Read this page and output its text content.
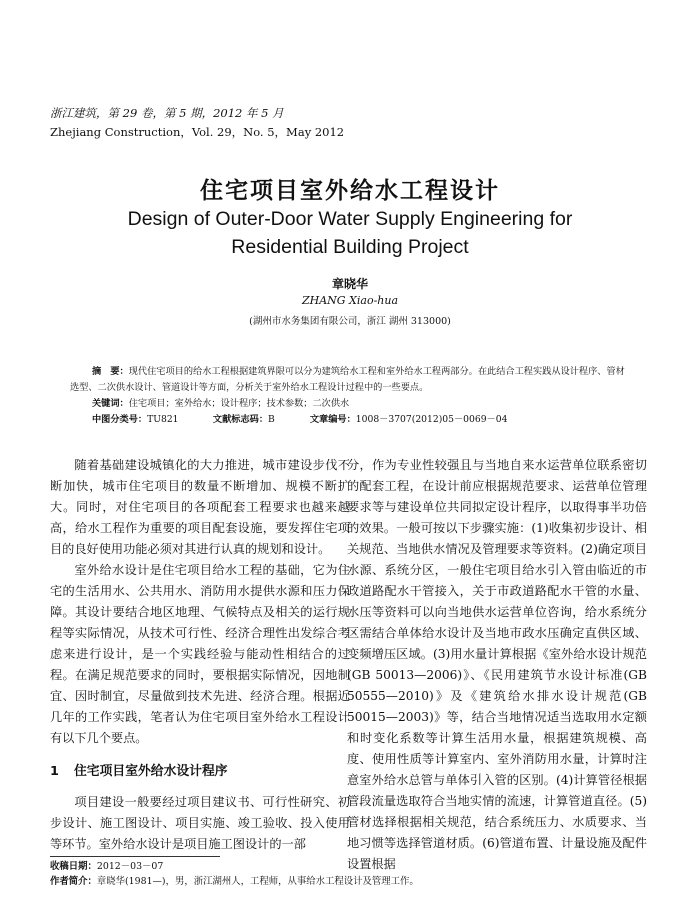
浙江建筑，第 29 卷，第 5 期，2012 年 5 月
Zhejiang Construction，Vol. 29，No. 5，May 2012
住宅项目室外给水工程设计
Design of Outer-Door Water Supply Engineering for
Residential Building Project
章晓华
ZHANG Xiao-hua
(湖州市水务集团有限公司，浙江 湖州 313000)
摘　要：现代住宅项目的给水工程根据建筑界限可以分为建筑给水工程和室外给水工程两部分。在此结合工程实践从设计程序、管材选型、二次供水设计、管道设计等方面，分析关于室外给水工程设计过程中的一些要点。
关键词：住宅项目；室外给水；设计程序；技术参数；二次供水
中图分类号：TU821	文献标志码：B	文章编号：1008－3707(2012)05－0069－04

随着基础建设城镇化的大力推进，城市建设步伐不断加快，城市住宅项目的数量不断增加、规模不断扩大。同时，对住宅项目的各项配套工程要求也越来越高，给水工程作为重要的项目配套设施，要发挥住宅项目的良好使用功能必须对其进行认真的规划和设计。

室外给水设计是住宅项目给水工程的基础，它为住宅的生活用水、公共用水、消防用水提供水源和压力保障。其设计要结合地区地理、气候特点及相关的运行规程等实际情况，从技术可行性、经济合理性出发综合考虑来进行设计，是一个实践经验与能动性相结合的过程。在满足规范要求的同时，要根据实际情况，因地制宜、因时制宜，尽量做到技术先进、经济合理。根据近几年的工作实践，笔者认为住宅项目室外给水工程设计有以下几个要点。

1 住宅项目室外给水设计程序

项目建设一般要经过项目建议书、可行性研究、初步设计、施工图设计、项目实施、竣工验收、投入使用等环节。室外给水设计是项目施工图设计的一部

分，作为专业性较强且与当地自来水运营单位联系密切的配套工程，在设计前应根据规范要求、运营单位管理要求等与建设单位共同拟定设计程序，以取得事半功倍的效果。一般可按以下步骤实施：(1)收集初步设计、相关规范、当地供水情况及管理要求等资料。(2)确定项目水源、系统分区，一般住宅项目给水引入管由临近的市政道路配水干管接入，关于市政道路配水干管的水量、水压等资料可以向当地供水运营单位咨询，给水系统分区需结合单体给水设计及当地市政水压确定直供区域、变频增压区域。(3)用水量计算根据《室外给水设计规范(GB 50013—2006)》、《民用建筑节水设计标准(GB 50555—2010)》及《建筑给水排水设计规范(GB 50015—2003)》等，结合当地情况适当选取用水定额和时变化系数等计算生活用水量，根据建筑规模、高度、使用性质等计算室内、室外消防用水量，计算时注意室外给水总管与单体引入管的区别。(4)计算管径根据管段流量选取符合当地实情的流速，计算管道直径。(5)管材选择根据相关规范，结合系统压力、水质要求、当地习惯等选择管道材质。(6)管道布置、计量设施及配件设置根据

收稿日期：2012－03－07
作者简介：章晓华(1981—)，男，浙江湖州人，工程师，从事给水工程设计及管理工作。
